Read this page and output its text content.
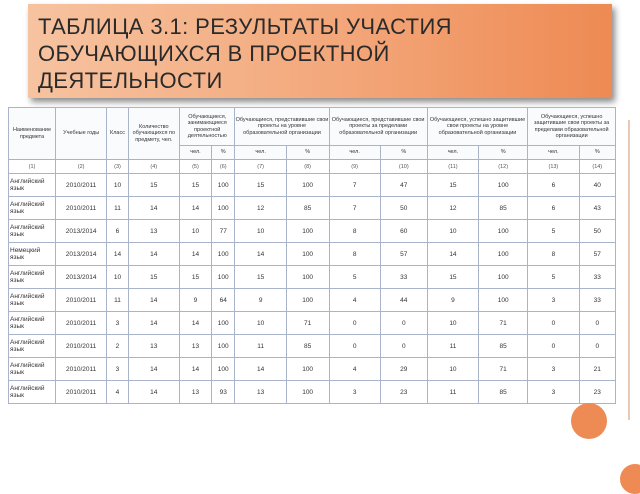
ТАБЛИЦА 3.1: РЕЗУЛЬТАТЫ УЧАСТИЯ
ОБУЧАЮЩИХСЯ В ПРОЕКТНОЙ
ДЕЯТЕЛЬНОСТИ
Наименование предмета	Учебные годы	Класс	Количество обучающихся по предмету, чел.	Обучающиеся, занимающиеся проектной деятельностью		Обучающиеся, представившие свои проекты на уровне образовательной организации		Обучающиеся, представившие свои проекты за пределами образовательной организации		Обучающиеся, успешно защитившие свои проекты на уровне образовательной организации		Обучающиеся, успешно защитившие свои проекты за пределами образовательной организации	
				чел.	%	чел.	%	чел.	%	чел.	%	чел.	%
(1)	(2)	(3)	(4)	(5)	(6)	(7)	(8)	(9)	(10)	(11)	(12)	(13)	(14)
Английский язык	2010/2011	10	15	15	100	15	100	7	47	15	100	6	40
Английский язык	2010/2011	11	14	14	100	12	85	7	50	12	85	6	43
Английский язык	2013/2014	6	13	10	77	10	100	8	60	10	100	5	50
Немецкий язык	2013/2014	14	14	14	100	14	100	8	57	14	100	8	57
Английский язык	2013/2014	10	15	15	100	15	100	5	33	15	100	5	33
Английский язык	2010/2011	11	14	9	64	9	100	4	44	9	100	3	33
Английский язык	2010/2011	3	14	14	100	10	71	0	0	10	71	0	0
Английский язык	2010/2011	2	13	13	100	11	85	0	0	11	85	0	0
Английский язык	2010/2011	3	14	14	100	14	100	4	29	10	71	3	21
Английский язык	2010/2011	4	14	13	93	13	100	3	23	11	85	3	23
